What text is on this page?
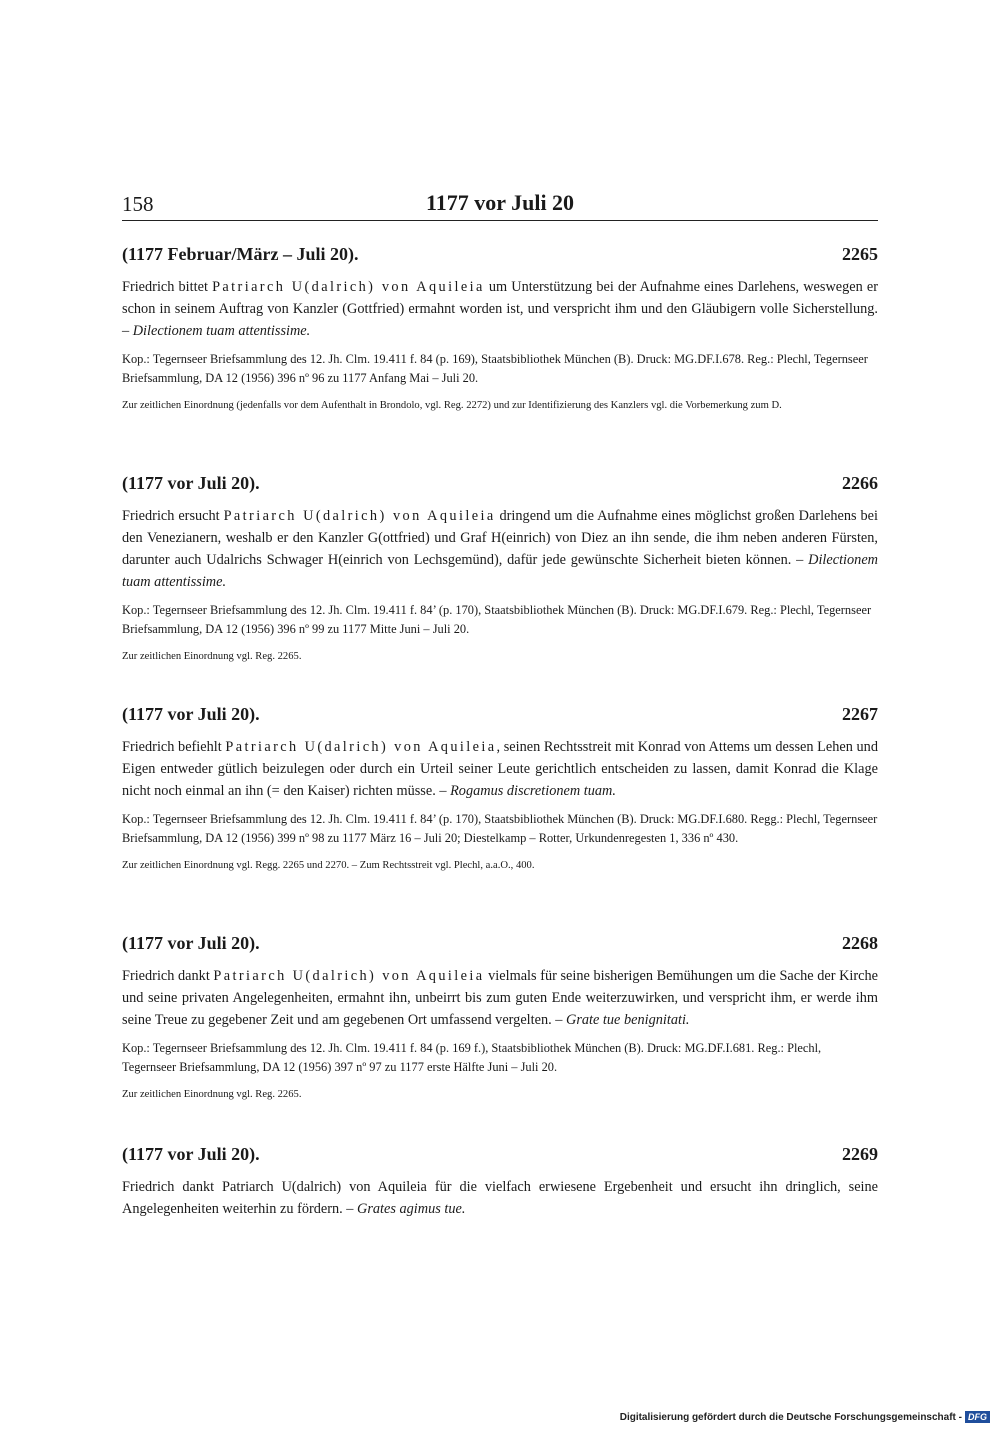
158	1177 vor Juli 20
(1177 Februar/März – Juli 20).	2265

Friedrich bittet Patriarch U(dalrich) von Aquileia um Unterstützung bei der Aufnahme eines Darlehens, weswegen er schon in seinem Auftrag von Kanzler (Gottfried) ermahnt worden ist, und verspricht ihm und den Gläubigern volle Sicherstellung. – Dilectionem tuam attentissime.

Kop.: Tegernseer Briefsammlung des 12. Jh. Clm. 19.411 f. 84 (p. 169), Staatsbibliothek München (B). Druck: MG.DF.I.678. Reg.: Plechl, Tegernseer Briefsammlung, DA 12 (1956) 396 nº 96 zu 1177 Anfang Mai – Juli 20.

Zur zeitlichen Einordnung (jedenfalls vor dem Aufenthalt in Brondolo, vgl. Reg. 2272) und zur Identifizierung des Kanzlers vgl. die Vorbemerkung zum D.

(1177 vor Juli 20).	2266

Friedrich ersucht Patriarch U(dalrich) von Aquileia dringend um die Aufnahme eines möglichst großen Darlehens bei den Venezianern, weshalb er den Kanzler G(ottfried) und Graf H(einrich) von Diez an ihn sende, die ihm neben anderen Fürsten, darunter auch Udalrichs Schwager H(einrich von Lechsgemünd), dafür jede gewünschte Sicherheit bieten können. – Dilectionem tuam attentissime.

Kop.: Tegernseer Briefsammlung des 12. Jh. Clm. 19.411 f. 84’ (p. 170), Staatsbibliothek München (B). Druck: MG.DF.I.679. Reg.: Plechl, Tegernseer Briefsammlung, DA 12 (1956) 396 nº 99 zu 1177 Mitte Juni – Juli 20.

Zur zeitlichen Einordnung vgl. Reg. 2265.

(1177 vor Juli 20).	2267

Friedrich befiehlt Patriarch U(dalrich) von Aquileia, seinen Rechtsstreit mit Konrad von Attems um dessen Lehen und Eigen entweder gütlich beizulegen oder durch ein Urteil seiner Leute gerichtlich entscheiden zu lassen, damit Konrad die Klage nicht noch einmal an ihn (= den Kaiser) richten müsse. – Rogamus discretionem tuam.

Kop.: Tegernseer Briefsammlung des 12. Jh. Clm. 19.411 f. 84’ (p. 170), Staatsbibliothek München (B). Druck: MG.DF.I.680. Regg.: Plechl, Tegernseer Briefsammlung, DA 12 (1956) 399 nº 98 zu 1177 März 16 – Juli 20; Diestelkamp – Rotter, Urkundenregesten 1, 336 nº 430.

Zur zeitlichen Einordnung vgl. Regg. 2265 und 2270. – Zum Rechtsstreit vgl. Plechl, a.a.O., 400.

(1177 vor Juli 20).	2268

Friedrich dankt Patriarch U(dalrich) von Aquileia vielmals für seine bisherigen Bemühungen um die Sache der Kirche und seine privaten Angelegenheiten, ermahnt ihn, unbeirrt bis zum guten Ende weiterzuwirken, und verspricht ihm, er werde ihm seine Treue zu gegebener Zeit und am gegebenen Ort umfassend vergelten. – Grate tue benignitati.

Kop.: Tegernseer Briefsammlung des 12. Jh. Clm. 19.411 f. 84 (p. 169 f.), Staatsbibliothek München (B). Druck: MG.DF.I.681. Reg.: Plechl, Tegernseer Briefsammlung, DA 12 (1956) 397 nº 97 zu 1177 erste Hälfte Juni – Juli 20.

Zur zeitlichen Einordnung vgl. Reg. 2265.

(1177 vor Juli 20).	2269

Friedrich dankt Patriarch U(dalrich) von Aquileia für die vielfach erwiesene Ergebenheit und ersucht ihn dringlich, seine Angelegenheiten weiterhin zu fördern. – Grates agimus tue.

Digitalisierung gefördert durch die Deutsche Forschungsgemeinschaft - DFG
